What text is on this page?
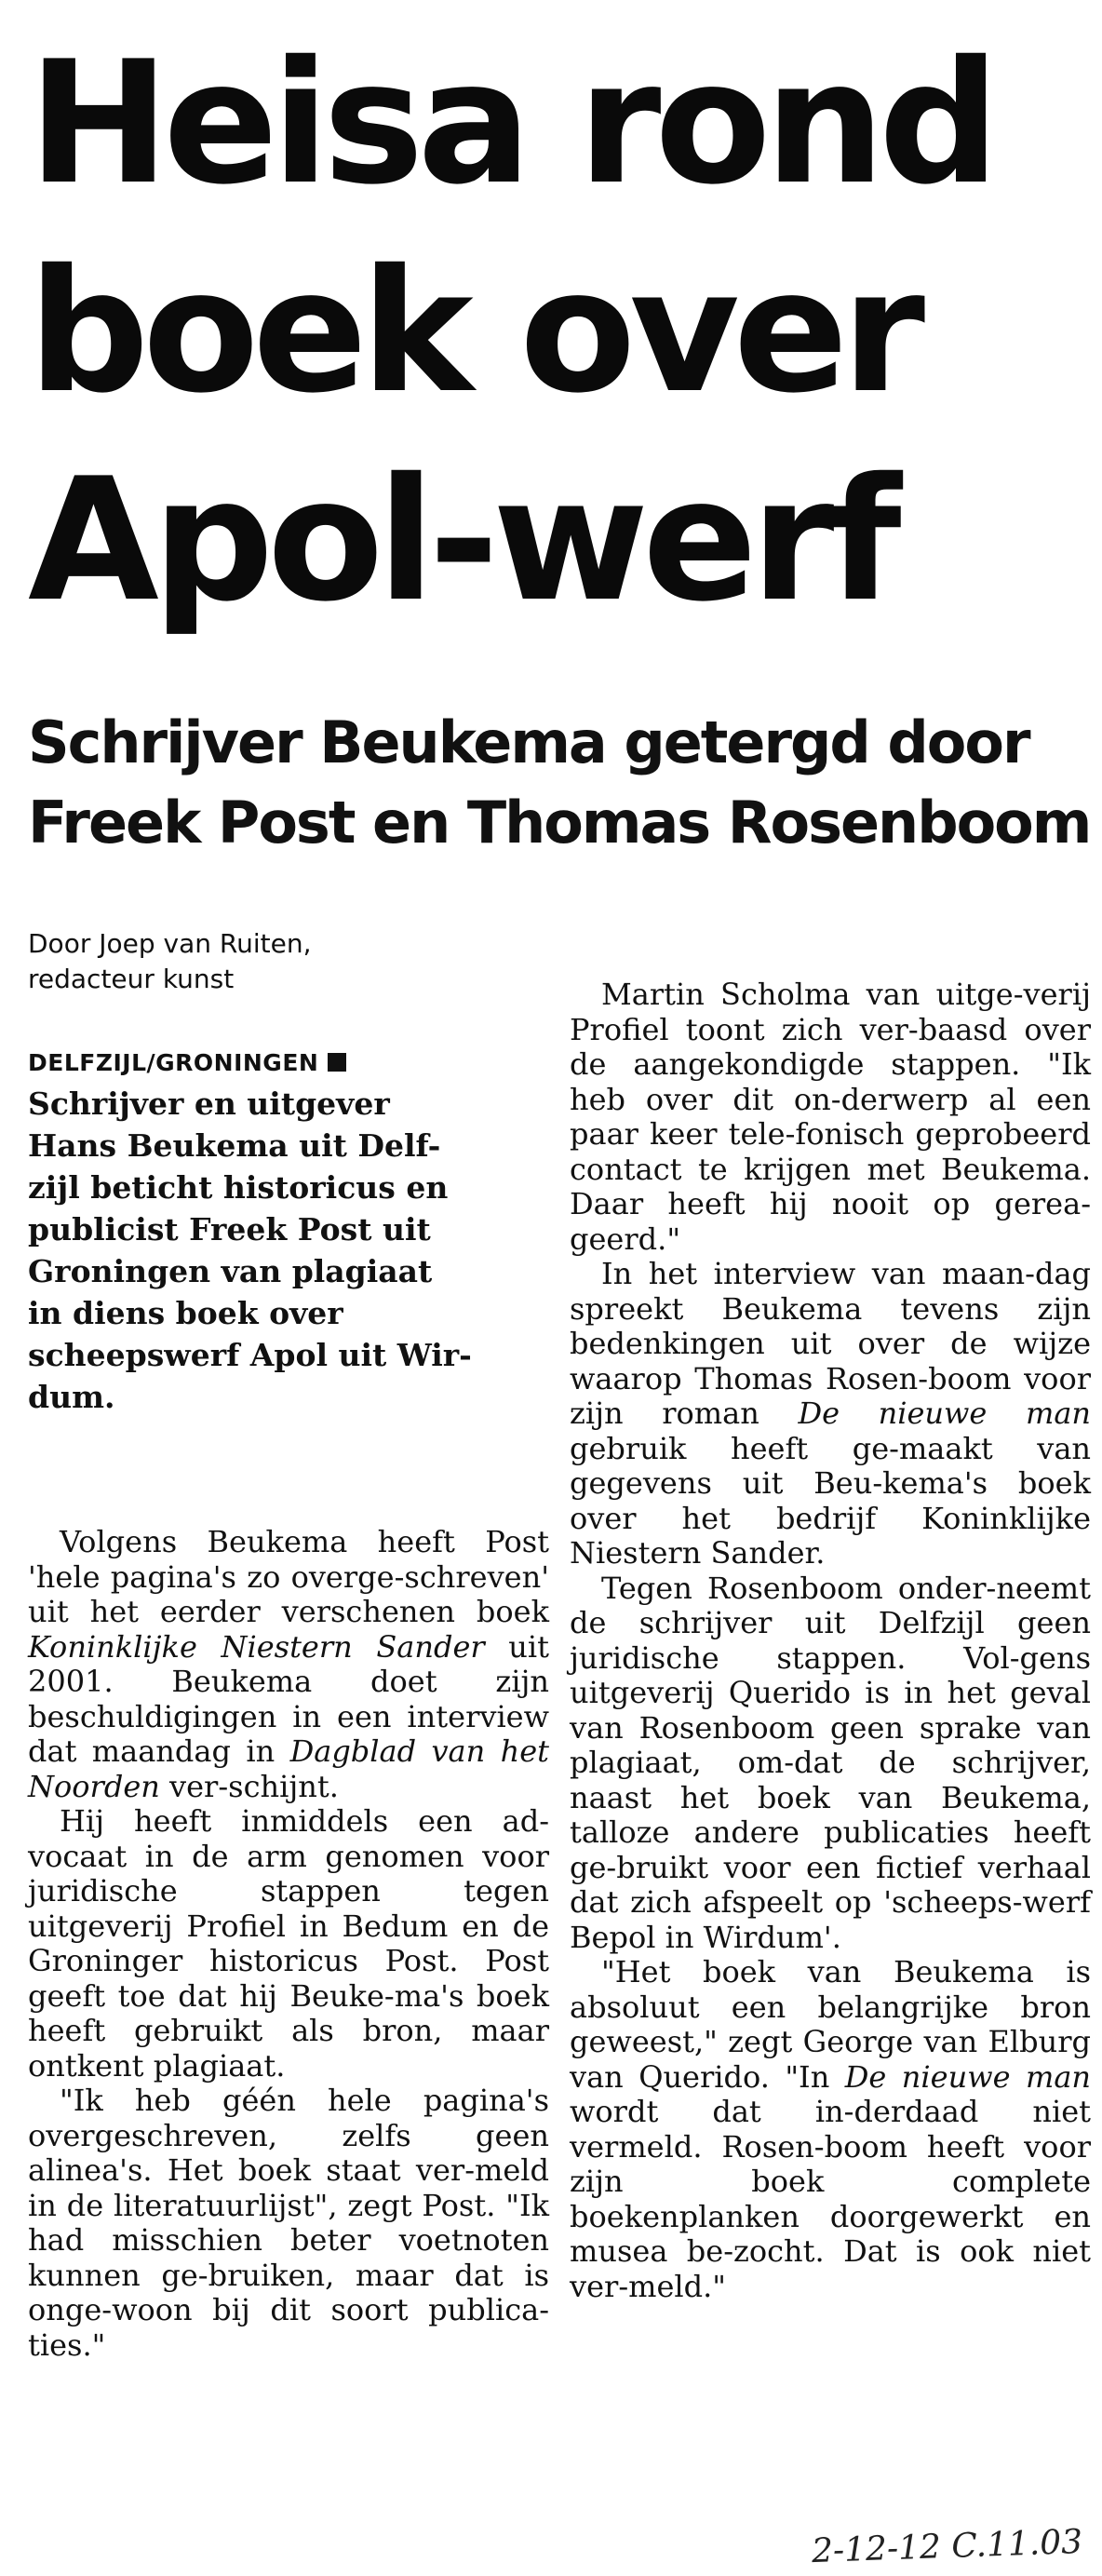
Heisa rond
boek over
Apol-werf
Schrijver Beukema getergd door
Freek Post en Thomas Rosenboom
Door Joep van Ruiten,
redacteur kunst
DELFZIJL/GRONINGEN
Schrijver en uitgever
Hans Beukema uit Delf-
zijl beticht historicus en
publicist Freek Post uit
Groningen van plagiaat
in diens boek over
scheepswerf Apol uit Wir-
dum.

Volgens Beukema heeft Post 'hele pagina's zo overge-schreven' uit het eerder verschenen boek Koninklijke Niestern Sander uit 2001. Beukema doet zijn beschuldigingen in een interview dat maandag in Dagblad van het Noorden ver-schijnt.

Hij heeft inmiddels een ad-vocaat in de arm genomen voor juridische stappen tegen uitgeverij Profiel in Bedum en de Groninger historicus Post. Post geeft toe dat hij Beuke-ma's boek heeft gebruikt als bron, maar ontkent plagiaat.

"Ik heb géén hele pagina's overgeschreven, zelfs geen alinea's. Het boek staat ver-meld in de literatuurlijst", zegt Post. "Ik had misschien beter voetnoten kunnen ge-bruiken, maar dat is onge-woon bij dit soort publica-ties."

Martin Scholma van uitge-verij Profiel toont zich ver-baasd over de aangekondigde stappen. "Ik heb over dit on-derwerp al een paar keer tele-fonisch geprobeerd contact te krijgen met Beukema. Daar heeft hij nooit op gerea-geerd."

In het interview van maan-dag spreekt Beukema tevens zijn bedenkingen uit over de wijze waarop Thomas Rosen-boom voor zijn roman De nieuwe man gebruik heeft ge-maakt van gegevens uit Beu-kema's boek over het bedrijf Koninklijke Niestern Sander.

Tegen Rosenboom onder-neemt de schrijver uit Delfzijl geen juridische stappen. Vol-gens uitgeverij Querido is in het geval van Rosenboom geen sprake van plagiaat, om-dat de schrijver, naast het boek van Beukema, talloze andere publicaties heeft ge-bruikt voor een fictief verhaal dat zich afspeelt op 'scheeps-werf Bepol in Wirdum'.

"Het boek van Beukema is absoluut een belangrijke bron geweest," zegt George van Elburg van Querido. "In De nieuwe man wordt dat in-derdaad niet vermeld. Rosen-boom heeft voor zijn boek complete boekenplanken doorgewerkt en musea be-zocht. Dat is ook niet ver-meld."

2-12-12 C.11.03
